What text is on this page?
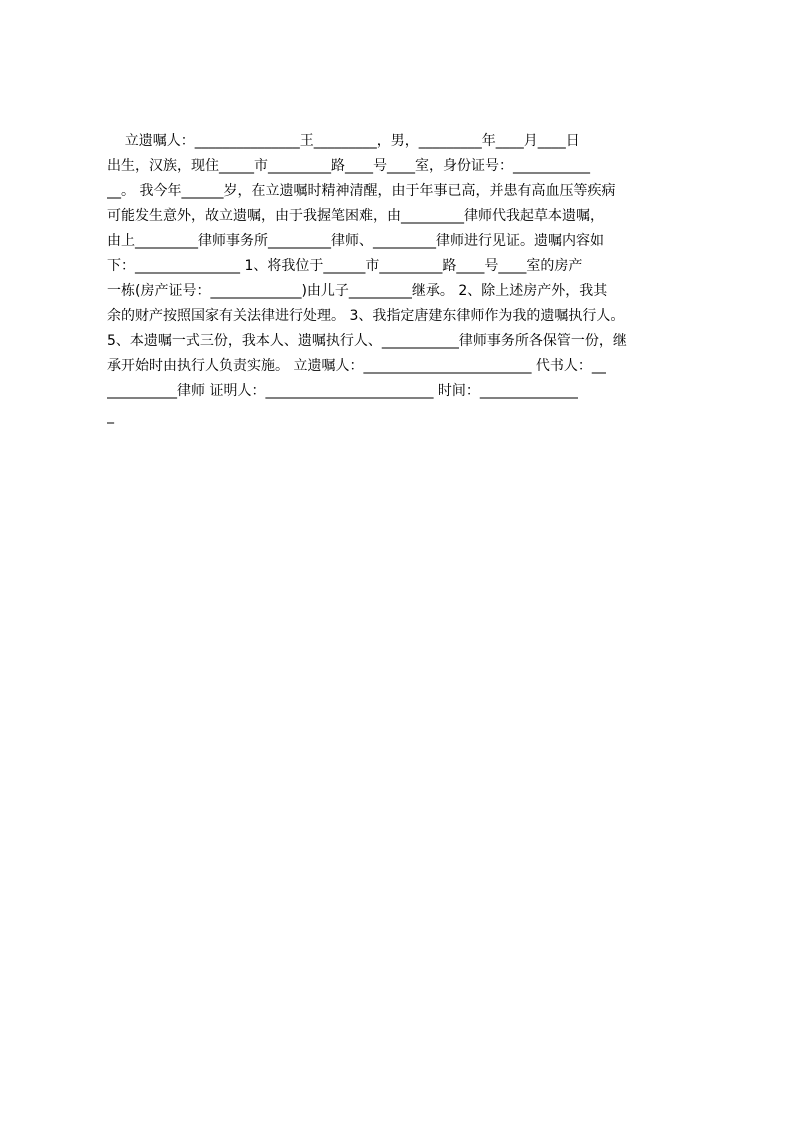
立遗嘱人：_______________王_________，男，_________年____月____日
出生，汉族，现住_____市_________路____号____室，身份证号：___________
__。 我今年______岁，在立遗嘱时精神清醒，由于年事已高，并患有高血压等疾病
可能发生意外，故立遗嘱，由于我握笔困难，由_________律师代我起草本遗嘱，
由上_________律师事务所_________律师、_________律师进行见证。遗嘱内容如
下：_______________ 1、将我位于______市_________路____号____室的房产
一栋(房产证号：_____________)由儿子_________继承。 2、除上述房产外，我其
余的财产按照国家有关法律进行处理。 3、我指定唐建东律师作为我的遗嘱执行人。
5、本遗嘱一式三份，我本人、遗嘱执行人、___________律师事务所各保管一份，继
承开始时由执行人负责实施。 立遗嘱人：________________________ 代书人：__
__________律师 证明人：________________________ 时间：______________
_
